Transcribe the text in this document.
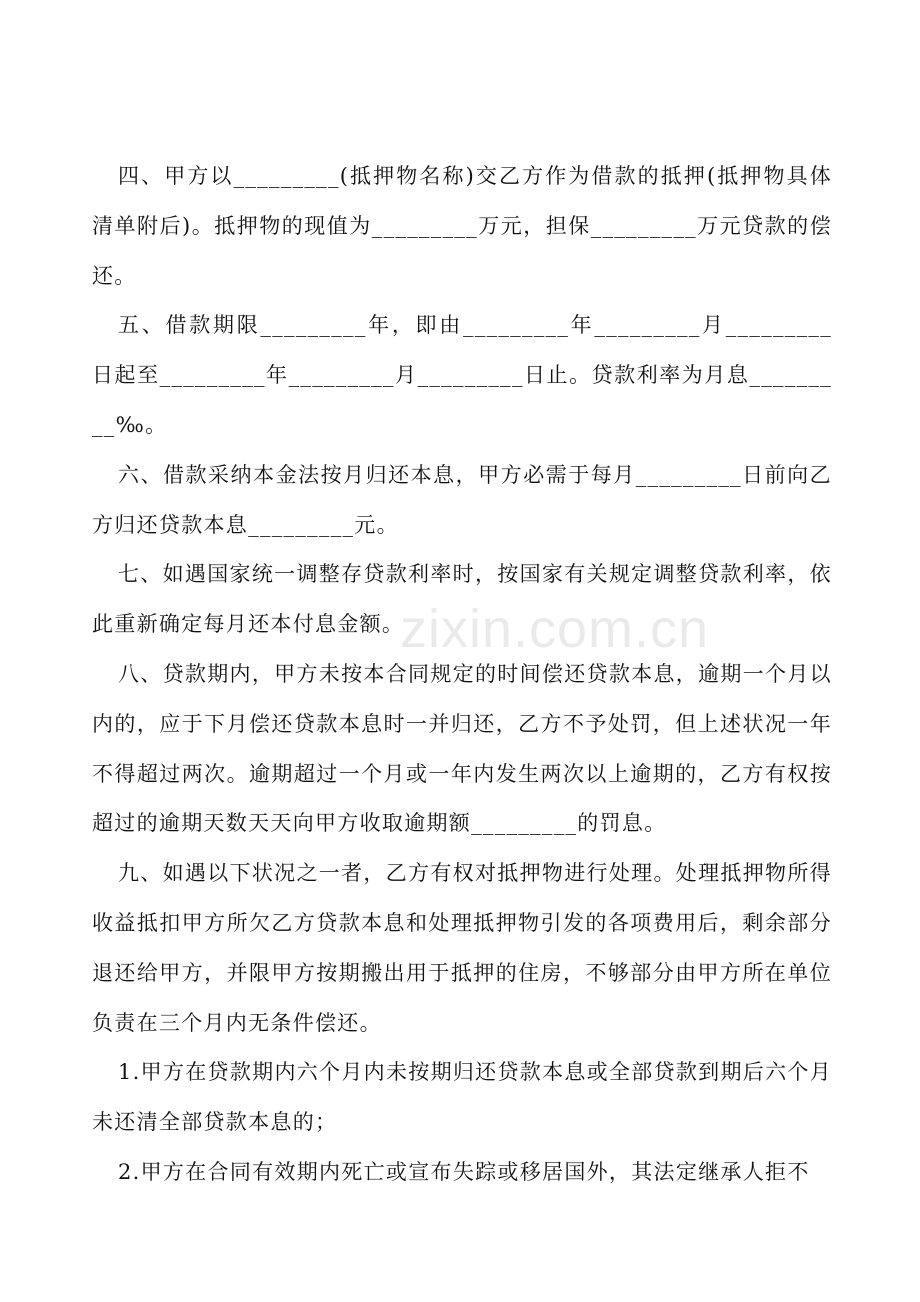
四、甲方以_________(抵押物名称)交乙方作为借款的抵押(抵押物具体清单附后)。抵押物的现值为_________万元，担保_________万元贷款的偿还。

五、借款期限_________年，即由_________年_________月_________日起至_________年_________月_________日止。贷款利率为月息_________‰。

六、借款采纳本金法按月归还本息，甲方必需于每月_________日前向乙方归还贷款本息_________元。

七、如遇国家统一调整存贷款利率时，按国家有关规定调整贷款利率，依此重新确定每月还本付息金额。

八、贷款期内，甲方未按本合同规定的时间偿还贷款本息，逾期一个月以内的，应于下月偿还贷款本息时一并归还，乙方不予处罚，但上述状况一年不得超过两次。逾期超过一个月或一年内发生两次以上逾期的，乙方有权按超过的逾期天数天天向甲方收取逾期额_________的罚息。

九、如遇以下状况之一者，乙方有权对抵押物进行处理。处理抵押物所得收益抵扣甲方所欠乙方贷款本息和处理抵押物引发的各项费用后，剩余部分退还给甲方，并限甲方按期搬出用于抵押的住房，不够部分由甲方所在单位负责在三个月内无条件偿还。

1.甲方在贷款期内六个月内未按期归还贷款本息或全部贷款到期后六个月未还清全部贷款本息的；

2.甲方在合同有效期内死亡或宣布失踪或移居国外，其法定继承人拒不

zixin.com.cn
